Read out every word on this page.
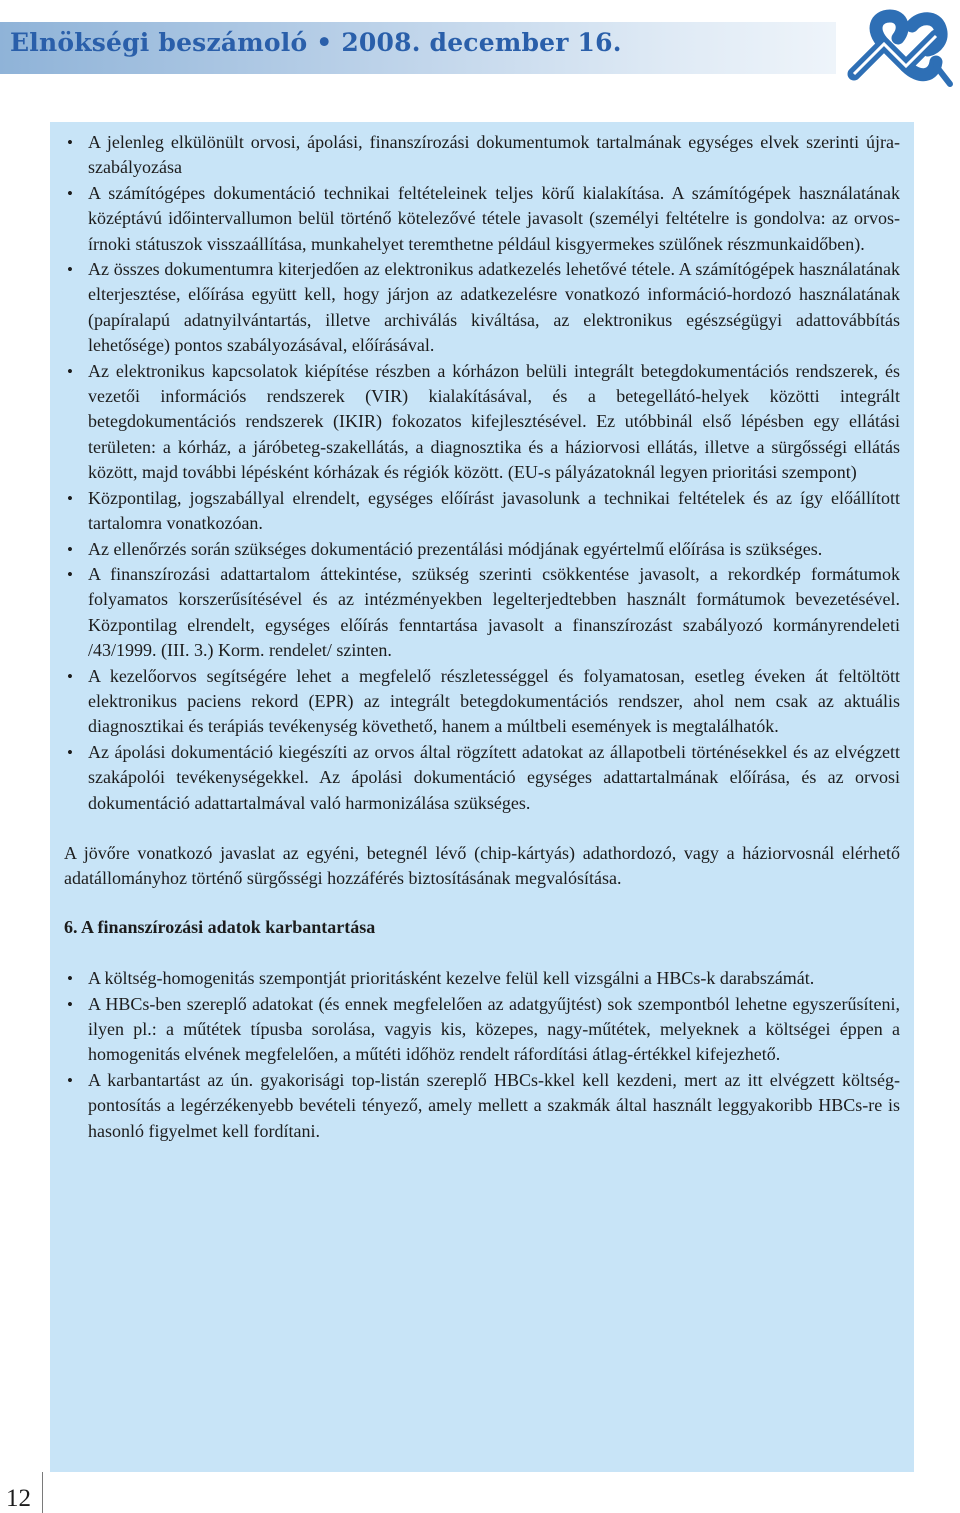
Elnökségi beszámoló • 2008. december 16.
• A jelenleg elkülönült orvosi, ápolási, finanszírozási dokumentumok tartalmának egységes elvek szerinti újra-szabályozása
• A számítógépes dokumentáció technikai feltételeinek teljes körű kialakítása. A számítógépek használatának középtávú időintervallumon belül történő kötelezővé tétele javasolt (személyi feltételre is gondolva: az orvos-írnoki státuszok visszaállítása, munkahelyet teremthetne például kisgyermekes szülőnek részmunkaidőben).
• Az összes dokumentumra kiterjedően az elektronikus adatkezelés lehetővé tétele. A számítógépek használatának elterjesztése, előírása együtt kell, hogy járjon az adatkezelésre vonatkozó információ-hordozó használatának (papíralapú adatnyilvántartás, illetve archiválás kiváltása, az elektronikus egészségügyi adattovábbítás lehetősége) pontos szabályozásával, előírásával.
• Az elektronikus kapcsolatok kiépítése részben a kórházon belüli integrált betegdokumentációs rendszerek, és vezetői információs rendszerek (VIR) kialakításával, és a betegellátó-helyek közötti integrált betegdokumentációs rendszerek (IKIR) fokozatos kifejlesztésével. Ez utóbbinál első lépésben egy ellátási területen: a kórház, a járóbeteg-szakellátás, a diagnosztika és a háziorvosi ellátás, illetve a sürgősségi ellátás között, majd további lépésként kórházak és régiók között. (EU-s pályázatoknál legyen prioritási szempont)
• Központilag, jogszabállyal elrendelt, egységes előírást javasolunk a technikai feltételek és az így előállított tartalomra vonatkozóan.
• Az ellenőrzés során szükséges dokumentáció prezentálási módjának egyértelmű előírása is szükséges.
• A finanszírozási adattartalom áttekintése, szükség szerinti csökkentése javasolt, a rekordkép formátumok folyamatos korszerűsítésével és az intézményekben legelterjedtebben használt formátumok bevezetésével. Központilag elrendelt, egységes előírás fenntartása javasolt a finanszírozást szabályozó kormányrendeleti /43/1999. (III. 3.) Korm. rendelet/ szinten.
• A kezelőorvos segítségére lehet a megfelelő részletességgel és folyamatosan, esetleg éveken át feltöltött elektronikus paciens rekord (EPR) az integrált betegdokumentációs rendszer, ahol nem csak az aktuális diagnosztikai és terápiás tevékenység követhető, hanem a múltbeli események is megtalálhatók.
• Az ápolási dokumentáció kiegészíti az orvos által rögzített adatokat az állapotbeli történésekkel és az elvégzett szakápolói tevékenységekkel. Az ápolási dokumentáció egységes adattartalmának előírása, és az orvosi dokumentáció adattartalmával való harmonizálása szükséges.

A jövőre vonatkozó javaslat az egyéni, betegnél lévő (chip-kártyás) adathordozó, vagy a háziorvosnál elérhető adatállományhoz történő sürgősségi hozzáférés biztosításának megvalósítása.

6. A finanszírozási adatok karbantartása

• A költség-homogenitás szempontját prioritásként kezelve felül kell vizsgálni a HBCs-k darabszámát.
• A HBCs-ben szereplő adatokat (és ennek megfelelően az adatgyűjtést) sok szempontból lehetne egyszerűsíteni, ilyen pl.: a műtétek típusba sorolása, vagyis kis, közepes, nagy-műtétek, melyeknek a költségei éppen a homogenitás elvének megfelelően, a műtéti időhöz rendelt ráfordítási átlag-értékkel kifejezhető.
• A karbantartást az ún. gyakorisági top-listán szereplő HBCs-kkel kell kezdeni, mert az itt elvégzett költség-pontosítás a legérzékenyebb bevételi tényező, amely mellett a szakmák által használt leggyakoribb HBCs-re is hasonló figyelmet kell fordítani.
12
